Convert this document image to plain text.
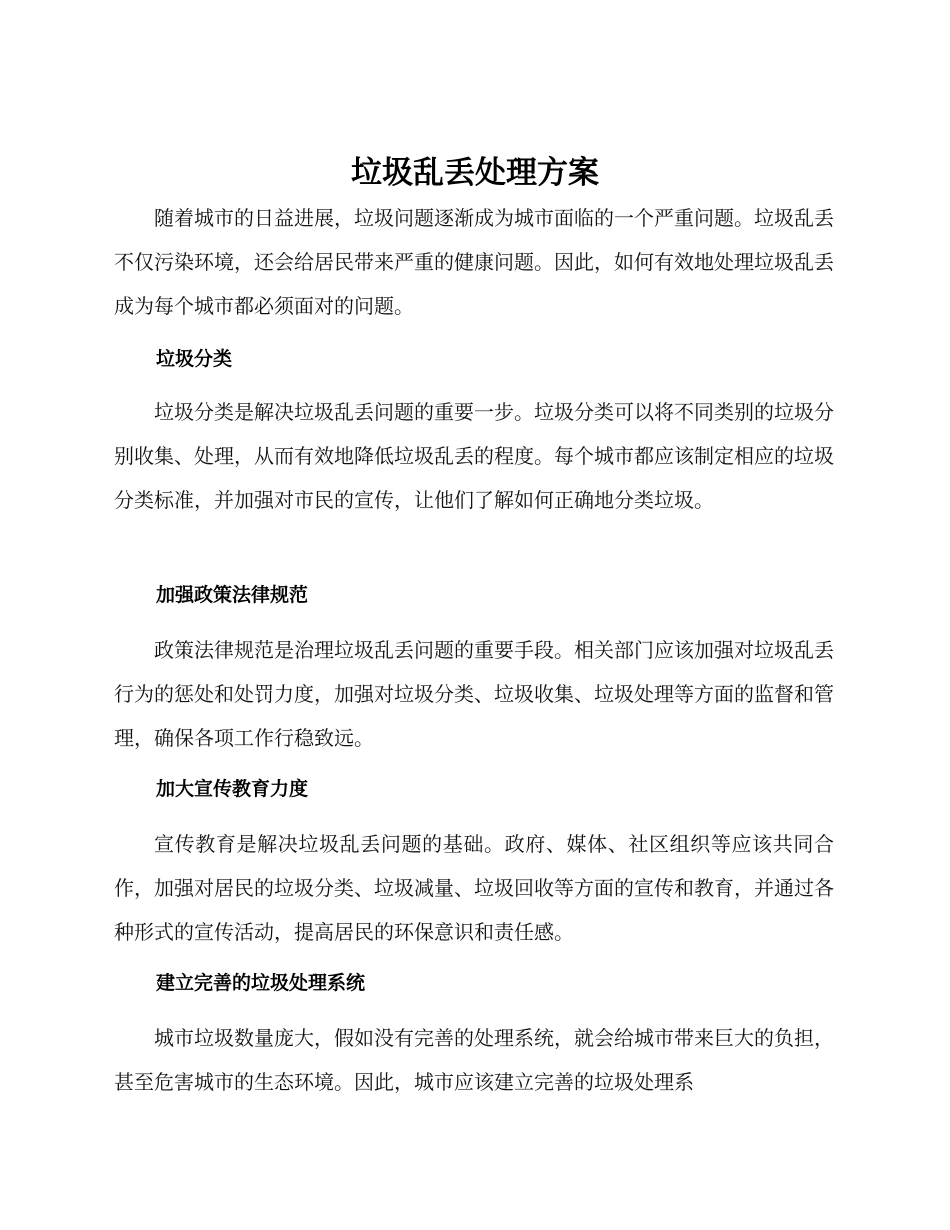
垃圾乱丢处理方案

随着城市的日益进展，垃圾问题逐渐成为城市面临的一个严重问题。垃圾乱丢不仅污染环境，还会给居民带来严重的健康问题。因此，如何有效地处理垃圾乱丢成为每个城市都必须面对的问题。

垃圾分类

垃圾分类是解决垃圾乱丢问题的重要一步。垃圾分类可以将不同类别的垃圾分别收集、处理，从而有效地降低垃圾乱丢的程度。每个城市都应该制定相应的垃圾分类标准，并加强对市民的宣传，让他们了解如何正确地分类垃圾。

加强政策法律规范

政策法律规范是治理垃圾乱丢问题的重要手段。相关部门应该加强对垃圾乱丢行为的惩处和处罚力度，加强对垃圾分类、垃圾收集、垃圾处理等方面的监督和管理，确保各项工作行稳致远。

加大宣传教育力度

宣传教育是解决垃圾乱丢问题的基础。政府、媒体、社区组织等应该共同合作，加强对居民的垃圾分类、垃圾减量、垃圾回收等方面的宣传和教育，并通过各种形式的宣传活动，提高居民的环保意识和责任感。

建立完善的垃圾处理系统

城市垃圾数量庞大，假如没有完善的处理系统，就会给城市带来巨大的负担，甚至危害城市的生态环境。因此，城市应该建立完善的垃圾处理系
